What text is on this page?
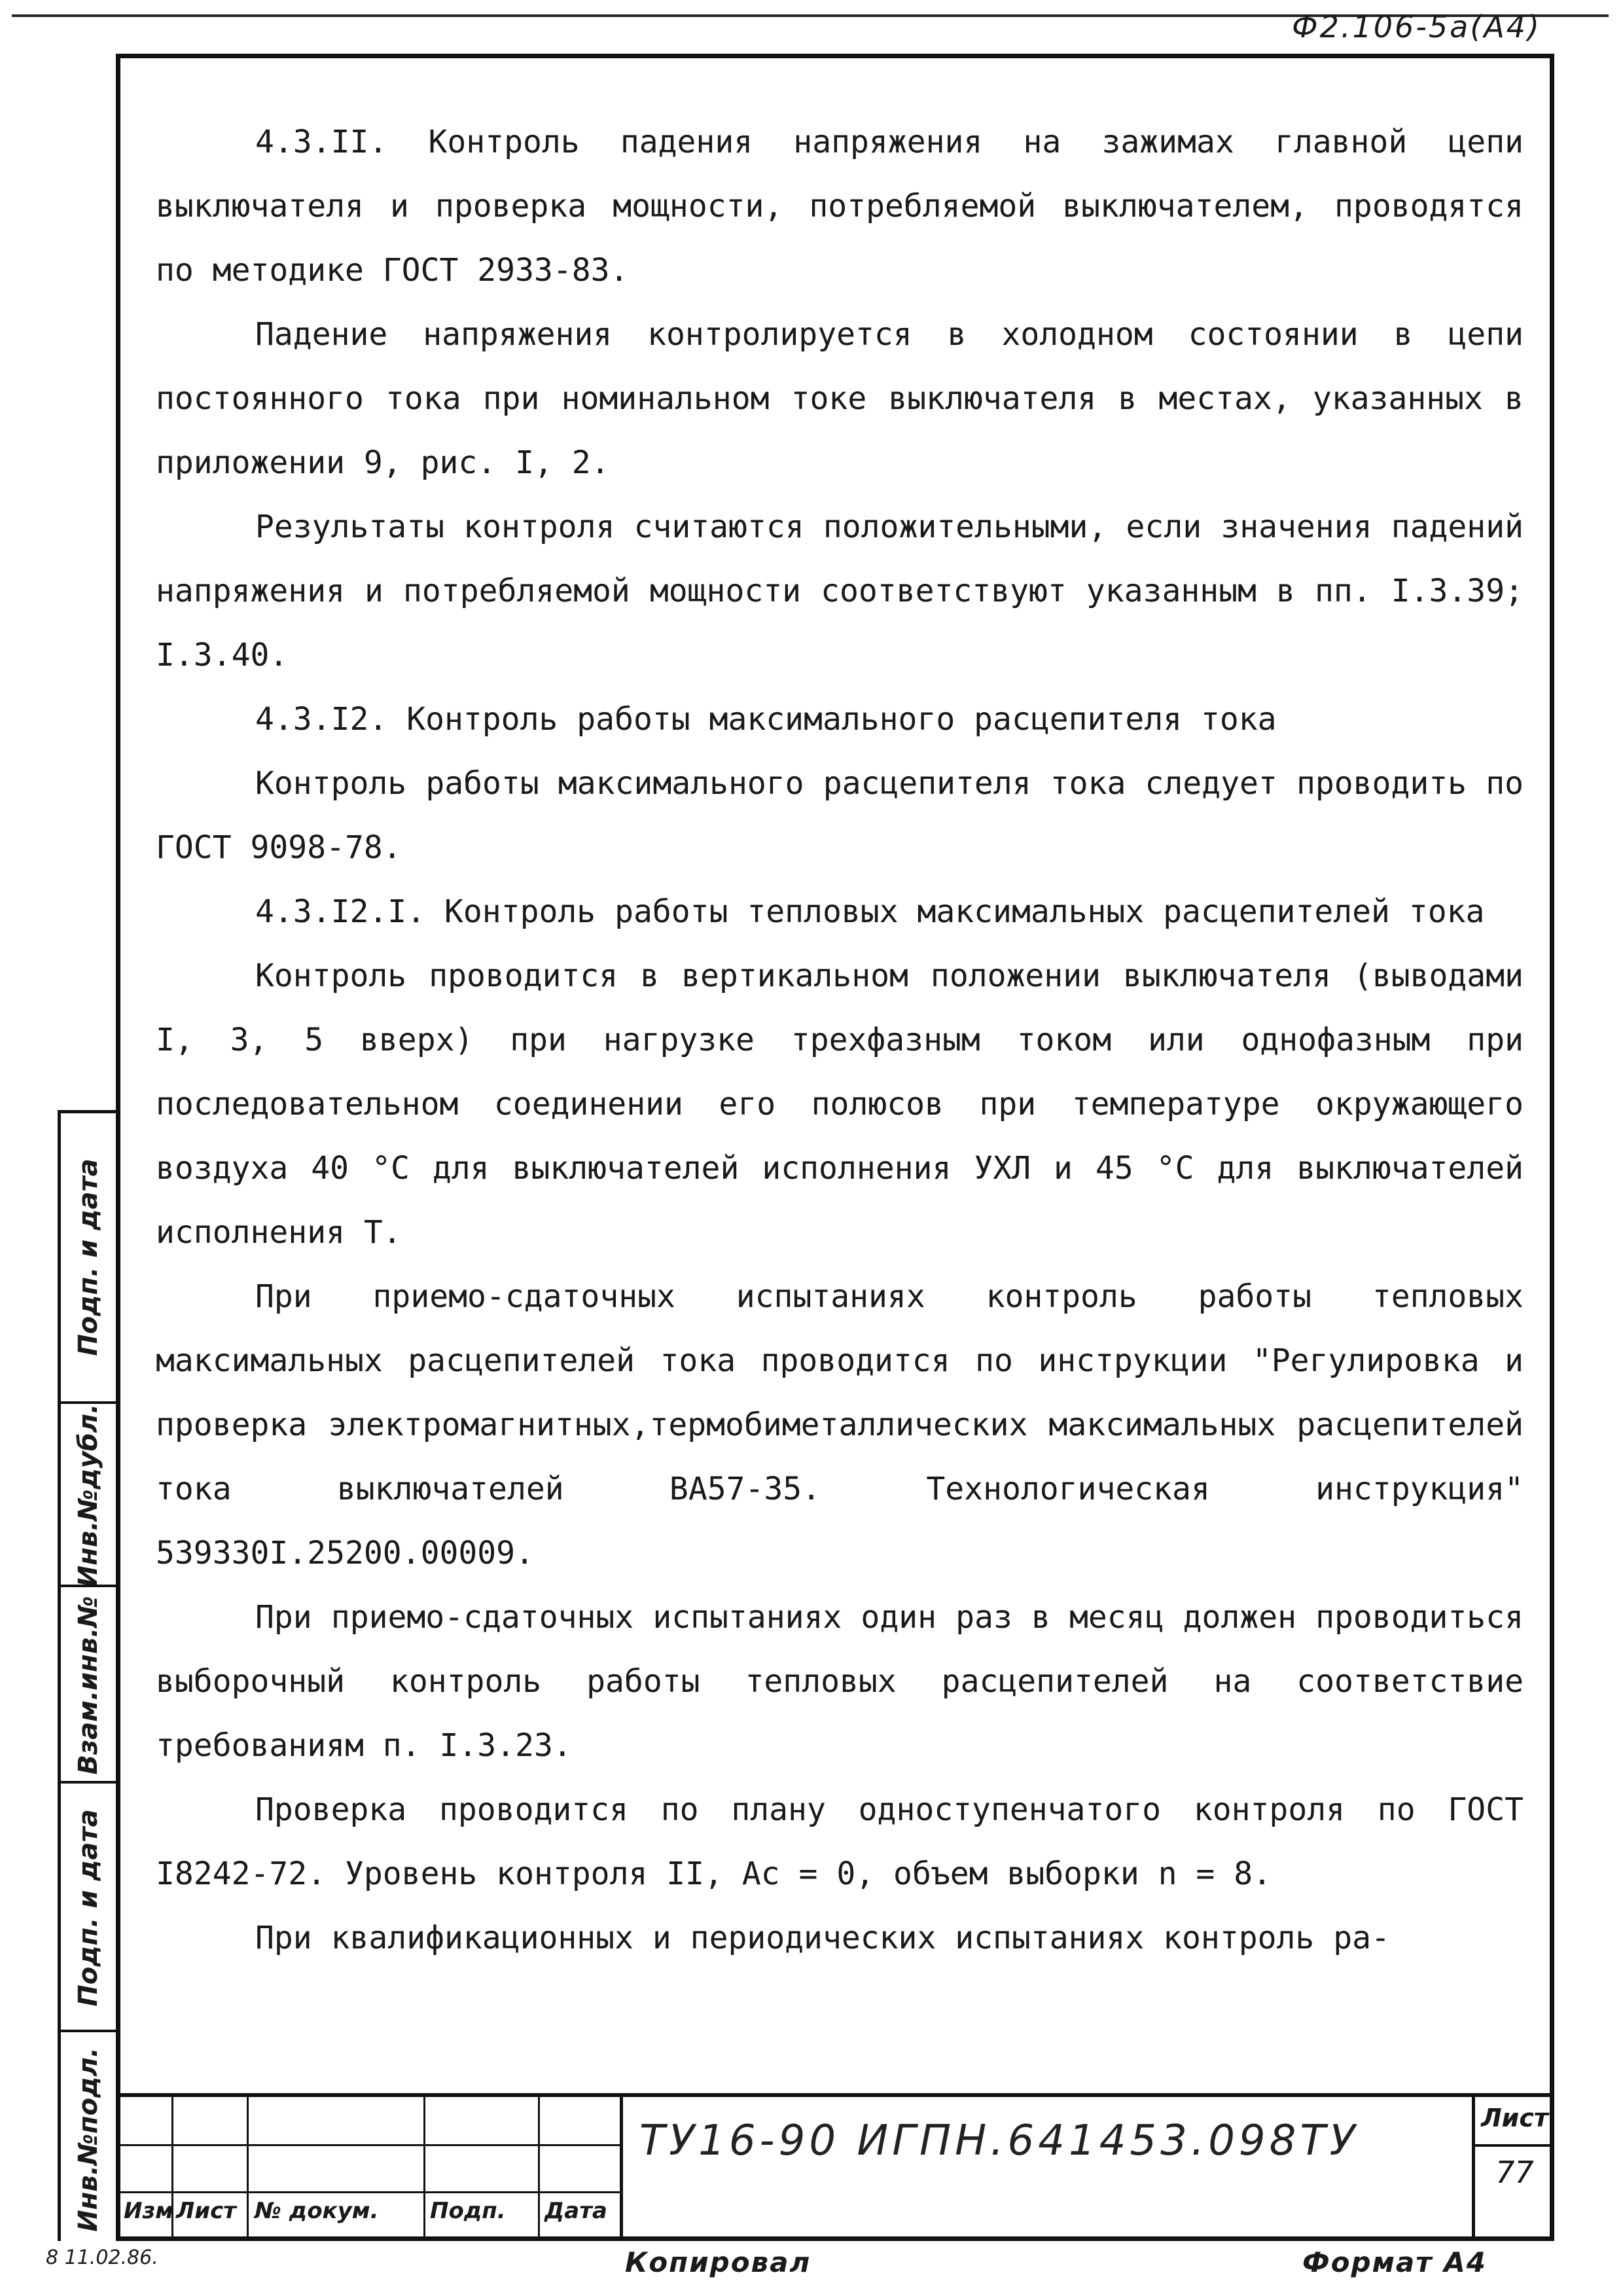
Ф2.106-5а(А4)

4.3.II. Контроль падения напряжения на зажимах главной цепи выключателя и проверка мощности, потребляемой выключателем, проводятся по методике ГОСТ 2933-83.

Падение напряжения контролируется в холодном состоянии в цепи постоянного тока при номинальном токе выключателя в местах, указанных в приложении 9, рис. I, 2.

Результаты контроля считаются положительными, если значения падений напряжения и потребляемой мощности соответствуют указанным в пп. I.3.39; I.3.40.

4.3.I2. Контроль работы максимального расцепителя тока

Контроль работы максимального расцепителя тока следует проводить по ГОСТ 9098-78.

4.3.I2.I. Контроль работы тепловых максимальных расцепителей тока

Контроль проводится в вертикальном положении выключателя (выводами I, 3, 5 вверх) при нагрузке трехфазным током или однофазным при последовательном соединении его полюсов при температуре окружающего воздуха 40 °С для выключателей исполнения УХЛ и 45 °С для выключателей исполнения Т.

При приемо-сдаточных испытаниях контроль работы тепловых максимальных расцепителей тока проводится по инструкции "Регулировка и проверка электромагнитных,термобиметаллических максимальных расцепителей тока выключателей ВА57-35. Технологическая инструкция" 539330I.25200.00009.

При приемо-сдаточных испытаниях один раз в месяц должен проводиться выборочный контроль работы тепловых расцепителей на соответствие требованиям п. I.3.23.

Проверка проводится по плану одноступенчатого контроля по ГОСТ I8242-72. Уровень контроля II, Ас = 0, объем выборки n = 8.

При квалификационных и периодических испытаниях контроль ра-

Подп. и дата
Инв.№дубл.
Взам.инв.№
Подп. и дата
Инв.№подл. Изм Лист № докум. Подп. Дата
ТУ16-90 ИГПН.641453.098ТУ	Лист
77
8 11.02.86.	Копировал	Формат А4
